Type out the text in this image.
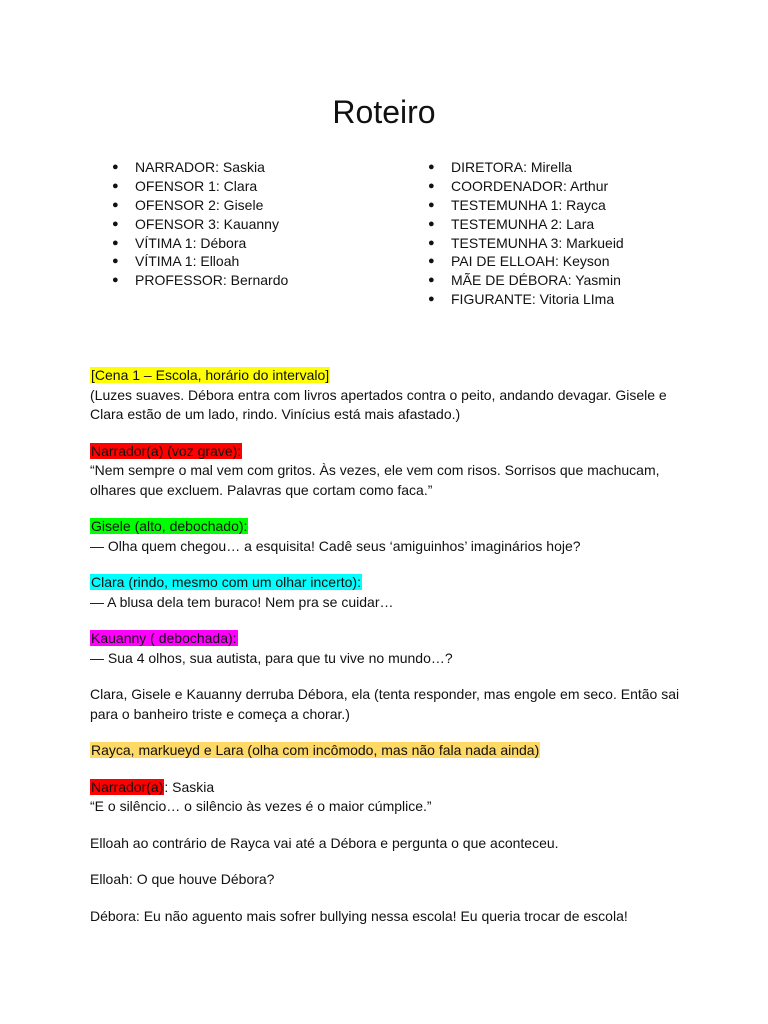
Roteiro
● NARRADOR: Saskia
● OFENSOR 1: Clara
● OFENSOR 2: Gisele
● OFENSOR 3: Kauanny
● VÍTIMA 1: Débora
● VÍTIMA 1: Elloah
● PROFESSOR: Bernardo
● DIRETORA: Mirella
● COORDENADOR: Arthur
● TESTEMUNHA 1: Rayca
● TESTEMUNHA 2: Lara
● TESTEMUNHA 3: Markueid
● PAI DE ELLOAH: Keyson
● MÃE DE DÉBORA: Yasmin
● FIGURANTE: Vitoria LIma

[Cena 1 – Escola, horário do intervalo]

(Luzes suaves. Débora entra com livros apertados contra o peito, andando devagar. Gisele e

Clara estão de um lado, rindo. Vinícius está mais afastado.)

Narrador(a) (voz grave):

“Nem sempre o mal vem com gritos. Às vezes, ele vem com risos. Sorrisos que machucam,

olhares que excluem. Palavras que cortam como faca.”

Gisele (alto, debochado):

— Olha quem chegou… a esquisita! Cadê seus ‘amiguinhos’ imaginários hoje?

Clara (rindo, mesmo com um olhar incerto):

— A blusa dela tem buraco! Nem pra se cuidar…

Kauanny ( debochada):

— Sua 4 olhos, sua autista, para que tu vive no mundo…?

Clara, Gisele e Kauanny derruba Débora, ela (tenta responder, mas engole em seco. Então sai

para o banheiro triste e começa a chorar.)

Rayca, markueyd e Lara (olha com incômodo, mas não fala nada ainda)

Narrador(a): Saskia

“E o silêncio… o silêncio às vezes é o maior cúmplice.”

Elloah ao contrário de Rayca vai até a Débora e pergunta o que aconteceu.

Elloah: O que houve Débora?

Débora: Eu não aguento mais sofrer bullying nessa escola! Eu queria trocar de escola!
